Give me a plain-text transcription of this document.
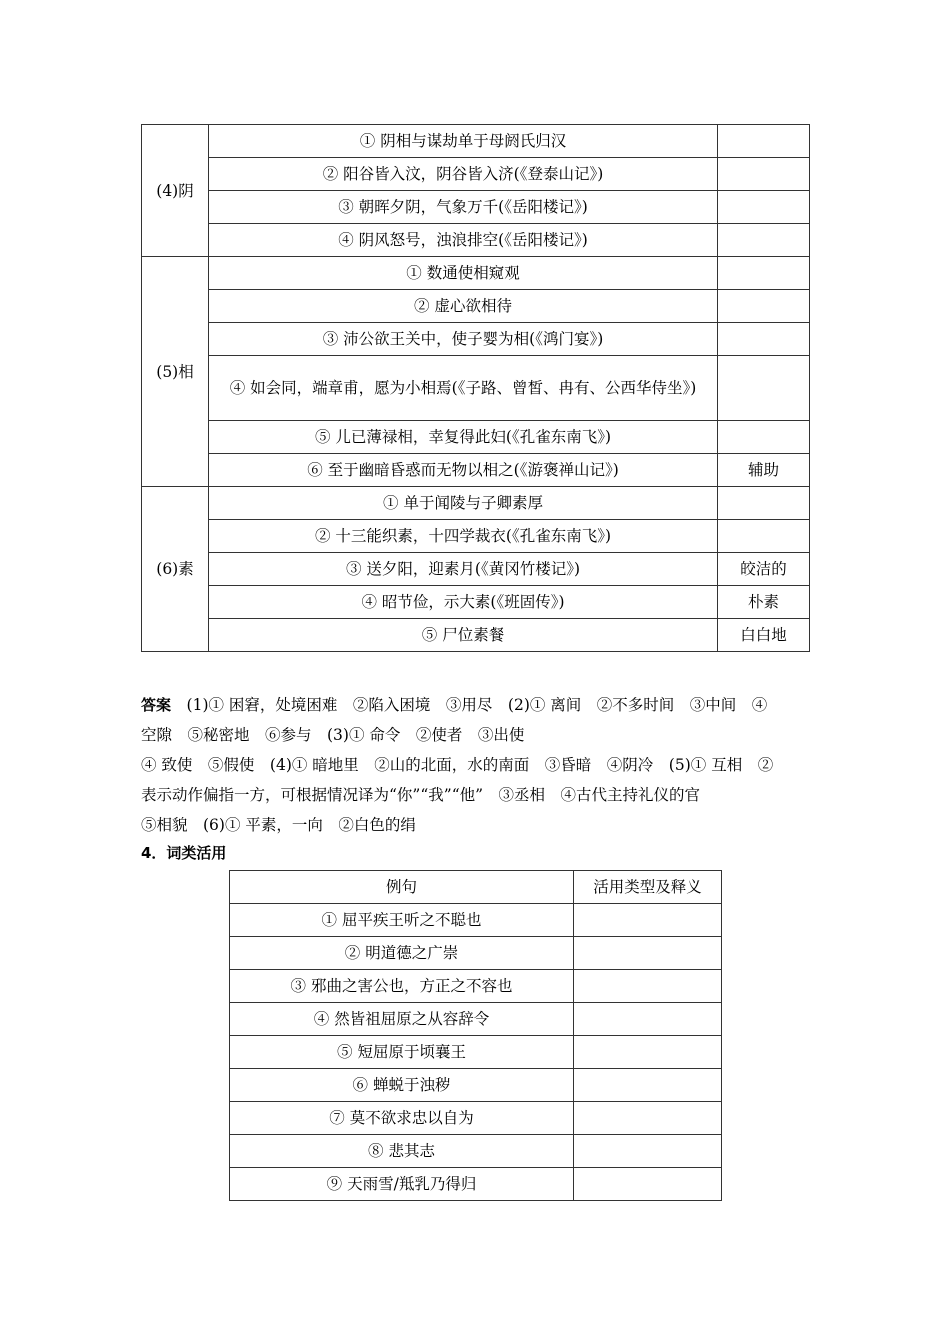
(4)阴	① 阴相与谋劫单于母阏氏归汉	
	② 阳谷皆入汶，阴谷皆入济(《登泰山记》)	
	③ 朝晖夕阴，气象万千(《岳阳楼记》)	
	④ 阴风怒号，浊浪排空(《岳阳楼记》)	
(5)相	① 数通使相窥观	
	② 虚心欲相待	
	③ 沛公欲王关中，使子婴为相(《鸿门宴》)	
	④ 如会同，端章甫，愿为小相焉(《子路、曾皙、冉有、公西华侍坐》)	
	⑤ 儿已薄禄相，幸复得此妇(《孔雀东南飞》)	
	⑥ 至于幽暗昏惑而无物以相之(《游褒禅山记》)	辅助
(6)素	① 单于闻陵与子卿素厚	
	② 十三能织素，十四学裁衣(《孔雀东南飞》)	
	③ 送夕阳，迎素月(《黄冈竹楼记》)	皎洁的
	④ 昭节俭，示大素(《班固传》)	朴素
	⑤ 尸位素餐	白白地

答案　 (1)① 困窘，处境困难　②陷入困境　③用尽　(2)① 离间　②不多时间　③中间　④

空隙　⑤秘密地　⑥参与　(3)① 命令　②使者　③出使

④ 致使　⑤假使　(4)① 暗地里　②山的北面，水的南面　③昏暗　④阴冷　(5)① 互相　②

表示动作偏指一方，可根据情况译为“你”“我”“他”　③丞相　④古代主持礼仪的官

⑤相貌　(6)① 平素，一向　②白色的绢

4．词类活用
例句	活用类型及释义
① 屈平疾王听之不聪也	
② 明道德之广崇	
③ 邪曲之害公也，方正之不容也	
④ 然皆祖屈原之从容辞令	
⑤ 短屈原于顷襄王	
⑥ 蝉蜕于浊秽	
⑦ 莫不欲求忠以自为	
⑧ 悲其志	
⑨ 天雨雪/羝乳乃得归	
